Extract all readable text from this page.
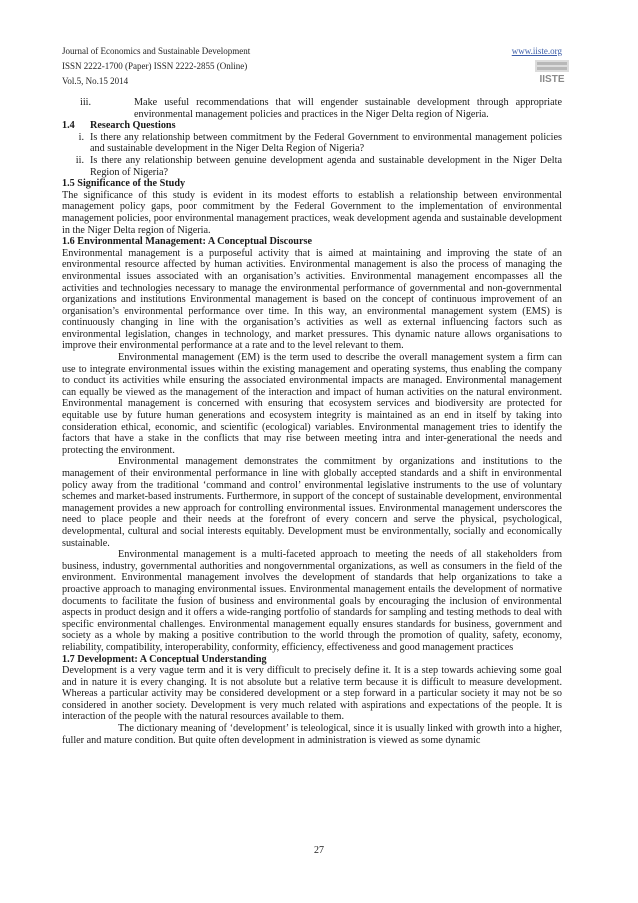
Journal of Economics and Sustainable Development
ISSN 2222-1700 (Paper) ISSN 2222-2855 (Online)
Vol.5, No.15 2014
www.iiste.org
IISTE
iii.	Make useful recommendations that will engender sustainable development through appropriate environmental management policies and practices in the Niger Delta region of Nigeria.
1.4 Research Questions
i. Is there any relationship between commitment by the Federal Government to environmental management policies and sustainable development in the Niger Delta Region of Nigeria?
ii. Is there any relationship between genuine development agenda and sustainable development in the Niger Delta Region of Nigeria?

1.5 Significance of the Study

The significance of this study is evident in its modest efforts to establish a relationship between environmental management policy gaps, poor commitment by the Federal Government to the implementation of environmental management policies, poor environmental management practices, weak development agenda and sustainable development in the Niger Delta region of Nigeria.

1.6 Environmental Management: A Conceptual Discourse

Environmental management is a purposeful activity that is aimed at maintaining and improving the state of an environmental resource affected by human activities. Environmental management is also the process of managing the environmental issues associated with an organisation’s activities. Environmental management encompasses all the activities and technologies necessary to manage the environmental performance of governmental and non-governmental organizations and institutions Environmental management is based on the concept of continuous improvement of an organisation’s environmental performance over time. In this way, an environmental management system (EMS) is continuously changing in line with the organisation’s activities as well as external influencing factors such as environmental legislation, changes in technology, and market pressures. This dynamic nature allows organisations to improve their environmental performance at a rate and to the level relevant to them.

Environmental management (EM) is the term used to describe the overall management system a firm can use to integrate environmental issues within the existing management and operating systems, thus enabling the company to conduct its activities while ensuring the associated environmental impacts are managed. Environmental management can equally be viewed as the management of the interaction and impact of human activities on the natural environment. Environmental management is concerned with ensuring that ecosystem services and biodiversity are protected for equitable use by future human generations and ecosystem integrity is maintained as an end in itself by taking into consideration ethical, economic, and scientific (ecological) variables. Environmental management tries to identify the factors that have a stake in the conflicts that may rise between meeting intra and inter-generational the needs and protecting the environment.

Environmental management demonstrates the commitment by organizations and institutions to the management of their environmental performance in line with globally accepted standards and a shift in environmental policy away from the traditional ‘command and control’ environmental legislative instruments to the use of voluntary schemes and market-based instruments. Furthermore, in support of the concept of sustainable development, environmental management provides a new approach for controlling environmental issues. Environmental management underscores the need to place people and their needs at the forefront of every concern and serve the physical, psychological, developmental, cultural and social interests equitably. Development must be environmentally, socially and economically sustainable.

Environmental management is a multi-faceted approach to meeting the needs of all stakeholders from business, industry, governmental authorities and nongovernmental organizations, as well as consumers in the field of the environment. Environmental management involves the development of standards that help organizations to take a proactive approach to managing environmental issues. Environmental management entails the development of normative documents to facilitate the fusion of business and environmental goals by encouraging the inclusion of environmental aspects in product design and it offers a wide-ranging portfolio of standards for sampling and testing methods to deal with specific environmental challenges. Environmental management equally ensures standards for business, government and society as a whole by making a positive contribution to the world through the promotion of quality, safety, economy, reliability, compatibility, interoperability, conformity, efficiency, effectiveness and good management practices

1.7 Development: A Conceptual Understanding

Development is a very vague term and it is very difficult to precisely define it. It is a step towards achieving some goal and in nature it is every changing. It is not absolute but a relative term because it is difficult to measure development. Whereas a particular activity may be considered development or a step forward in a particular society it may not be so considered in another society. Development is very much related with aspirations and expectations of the people. It is interaction of the people with the natural resources available to them.

The dictionary meaning of ‘development’ is teleological, since it is usually linked with growth into a higher, fuller and mature condition. But quite often development in administration is viewed as some dynamic

27
